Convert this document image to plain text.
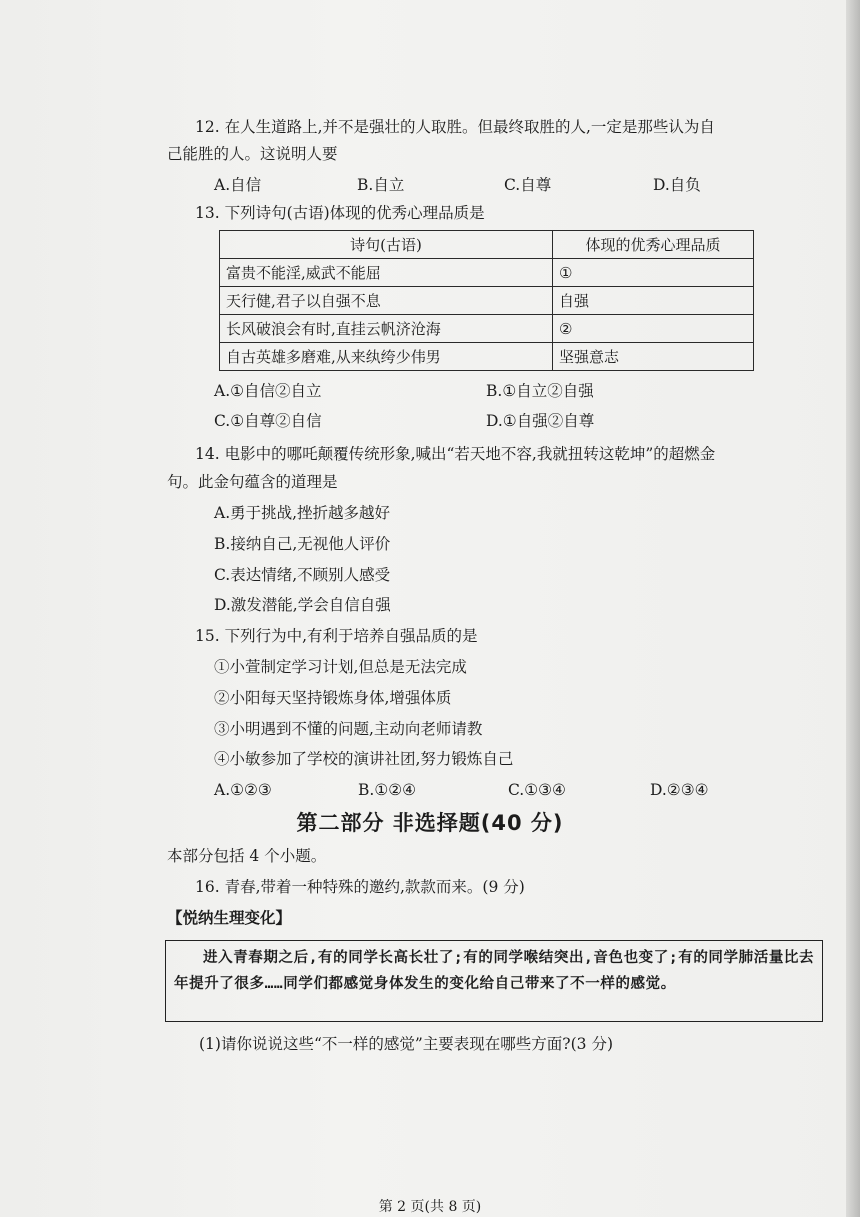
12. 在人生道路上,并不是强壮的人取胜。但最终取胜的人,一定是那些认为自
己能胜的人。这说明人要
A.自信	B.自立	C.自尊	D.自负
13. 下列诗句(古语)体现的优秀心理品质是
诗句(古语)	体现的优秀心理品质
富贵不能淫,威武不能屈	①
天行健,君子以自强不息	自强
长风破浪会有时,直挂云帆济沧海	②
自古英雄多磨难,从来纨绔少伟男	坚强意志
A.①自信②自立	B.①自立②自强
C.①自尊②自信	D.①自强②自尊
14. 电影中的哪吒颠覆传统形象,喊出“若天地不容,我就扭转这乾坤”的超燃金
句。此金句蕴含的道理是
A.勇于挑战,挫折越多越好
B.接纳自己,无视他人评价
C.表达情绪,不顾别人感受
D.激发潜能,学会自信自强
15. 下列行为中,有利于培养自强品质的是
①小萱制定学习计划,但总是无法完成
②小阳每天坚持锻炼身体,增强体质
③小明遇到不懂的问题,主动向老师请教
④小敏参加了学校的演讲社团,努力锻炼自己
A.①②③	B.①②④	C.①③④	D.②③④
第二部分 非选择题(40 分)
本部分包括 4 个小题。
16. 青春,带着一种特殊的邀约,款款而来。(9 分)
【悦纳生理变化】
进入青春期之后,有的同学长高长壮了;有的同学喉结突出,音色也变了;有的同学肺活量比去年提升了很多……同学们都感觉身体发生的变化给自己带来了不一样的感觉。
(1)请你说说这些“不一样的感觉”主要表现在哪些方面?(3 分)
第 2 页(共 8 页)
